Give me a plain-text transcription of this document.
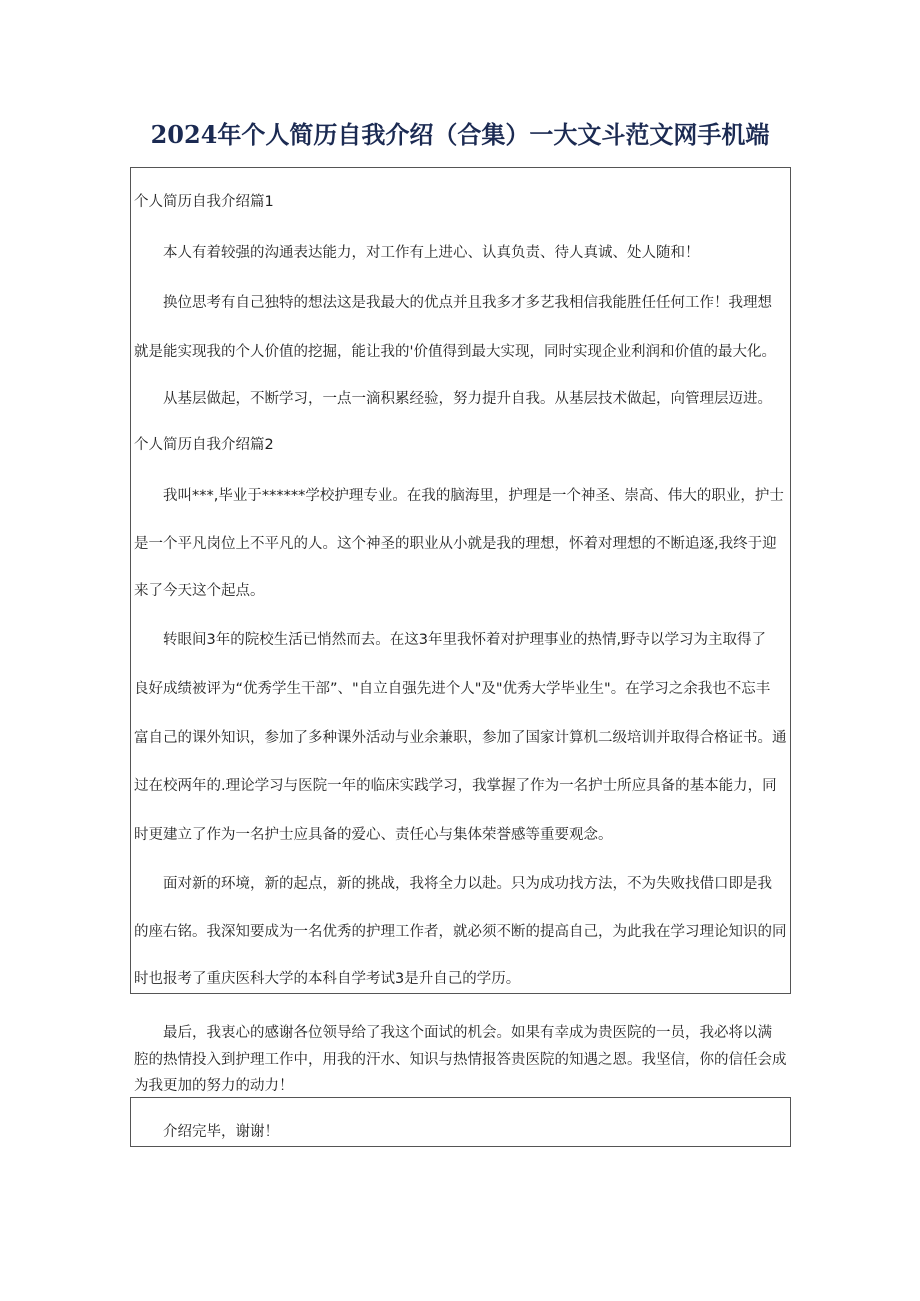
2024年个人简历自我介绍（合集）一大文斗范文网手机端
个人简历自我介绍篇1
本人有着较强的沟通表达能力，对工作有上进心、认真负责、待人真诚、处人随和！
换位思考有自己独特的想法这是我最大的优点并且我多才多艺我相信我能胜任任何工作！我理想
就是能实现我的个人价值的挖掘，能让我的'价值得到最大实现，同时实现企业利润和价值的最大化。
从基层做起，不断学习，一点一滴积累经验，努力提升自我。从基层技术做起，向管理层迈进。
个人简历自我介绍篇2
我叫***,毕业于******学校护理专业。在我的脑海里，护理是一个神圣、崇高、伟大的职业，护士
是一个平凡岗位上不平凡的人。这个神圣的职业从小就是我的理想，怀着对理想的不断追逐,我终于迎
来了今天这个起点。
转眼间3年的院校生活已悄然而去。在这3年里我怀着对护理事业的热情,野寺以学习为主取得了
良好成绩被评为“优秀学生干部”、"自立自强先进个人"及"优秀大学毕业生"。在学习之余我也不忘丰
富自己的课外知识，参加了多种课外活动与业余兼职，参加了国家计算机二级培训并取得合格证书。通
过在校两年的.理论学习与医院一年的临床实践学习，我掌握了作为一名护士所应具备的基本能力，同
时更建立了作为一名护士应具备的爱心、责任心与集体荣誉感等重要观念。
面对新的环境，新的起点，新的挑战，我将全力以赴。只为成功找方法，不为失败找借口即是我
的座右铭。我深知要成为一名优秀的护理工作者，就必须不断的提高自己，为此我在学习理论知识的同
时也报考了重庆医科大学的本科自学考试3是升自己的学历。
最后，我衷心的感谢各位领导给了我这个面试的机会。如果有幸成为贵医院的一员，我必将以满
腔的热情投入到护理工作中，用我的汗水、知识与热情报答贵医院的知遇之恩。我坚信，你的信任会成
为我更加的努力的动力！
介绍完毕，谢谢！
